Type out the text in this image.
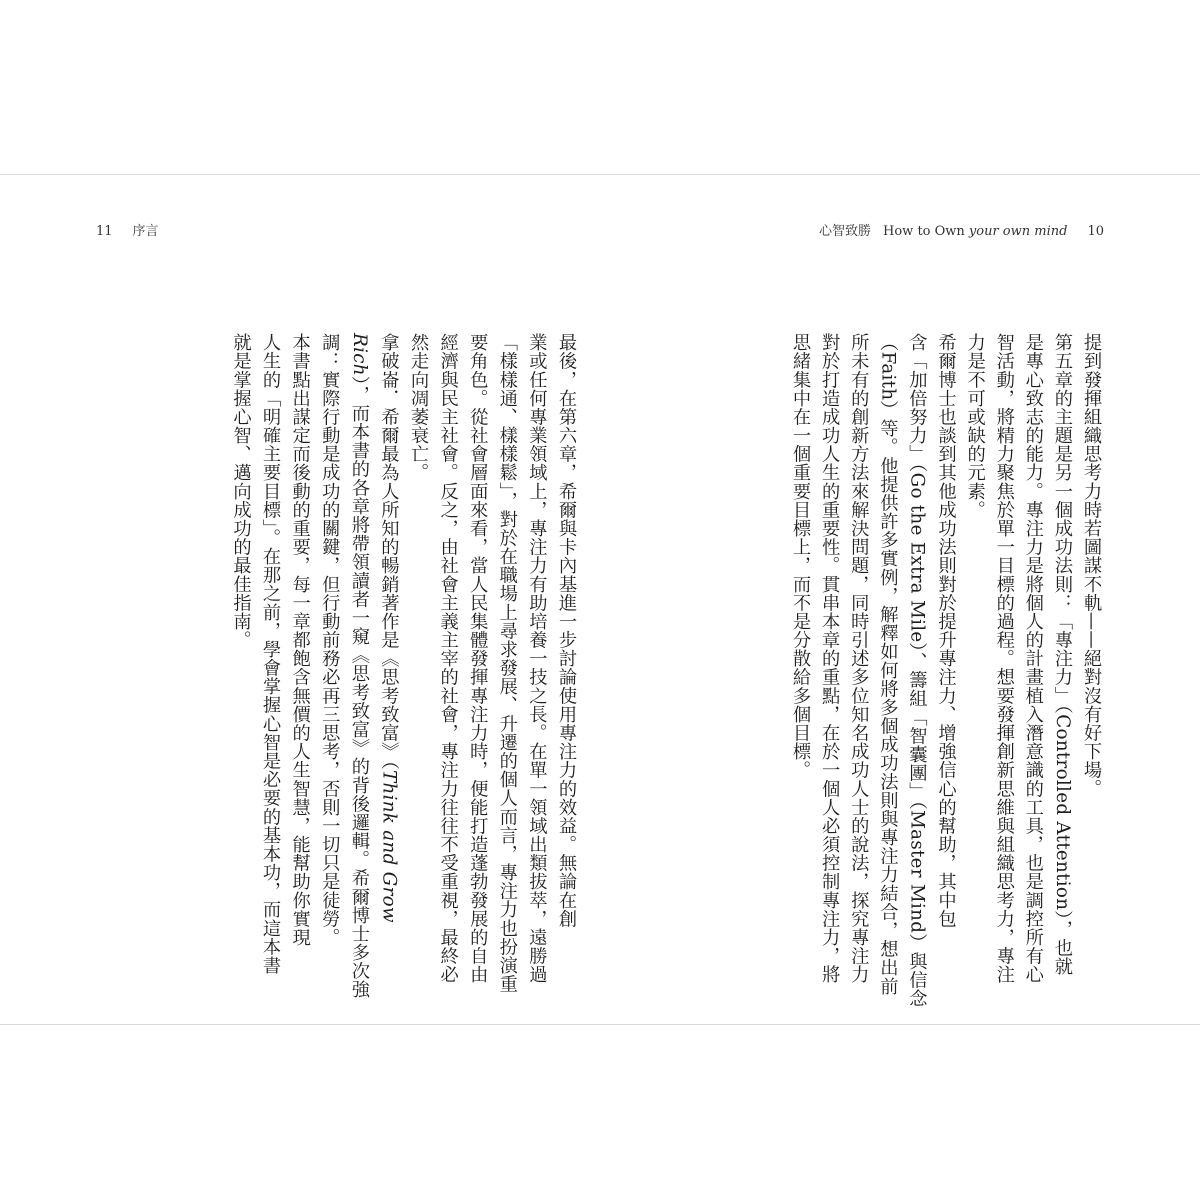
11 序言	心智致勝 How to Own your own mind 10
提到發揮組織思考力時若圖謀不軌——絕對沒有好下場。
第五章的主題是另一個成功法則：「專注力」（Controlled Attention），也就
是專心致志的能力。專注力是將個人的計畫植入潛意識的工具，也是調控所有心
智活動，將精力聚焦於單一目標的過程。想要發揮創新思維與組織思考力，專注
力是不可或缺的元素。
希爾博士也談到其他成功法則對於提升專注力、增強信心的幫助，其中包
含「加倍努力」（Go the Extra Mile）、籌組「智囊團」（Master Mind）與信念
（Faith）等。他提供許多實例，解釋如何將多個成功法則與專注力結合，想出前
所未有的創新方法來解決問題，同時引述多位知名成功人士的說法，探究專注力
對於打造成功人生的重要性。貫串本章的重點，在於一個人必須控制專注力，將
思緒集中在一個重要目標上，而不是分散給多個目標。
最後，在第六章，希爾與卡內基進一步討論使用專注力的效益。無論在創
業或任何專業領域上，專注力有助培養一技之長。在單一領域出類拔萃，遠勝過
「樣樣通、樣樣鬆」，對於在職場上尋求發展、升遷的個人而言，專注力也扮演重
要角色。從社會層面來看，當人民集體發揮專注力時，便能打造蓬勃發展的自由
經濟與民主社會。反之，由社會主義主宰的社會，專注力往往不受重視，最終必
然走向凋萎衰亡。
拿破崙．希爾最為人所知的暢銷著作是《思考致富》（Think and Grow
Rich），而本書的各章將帶領讀者一窺《思考致富》的背後邏輯。希爾博士多次強
調：實際行動是成功的關鍵，但行動前務必再三思考，否則一切只是徒勞。
本書點出謀定而後動的重要，每一章都飽含無價的人生智慧，能幫助你實現
人生的「明確主要目標」。在那之前，學會掌握心智是必要的基本功，而這本書
就是掌握心智、邁向成功的最佳指南。
